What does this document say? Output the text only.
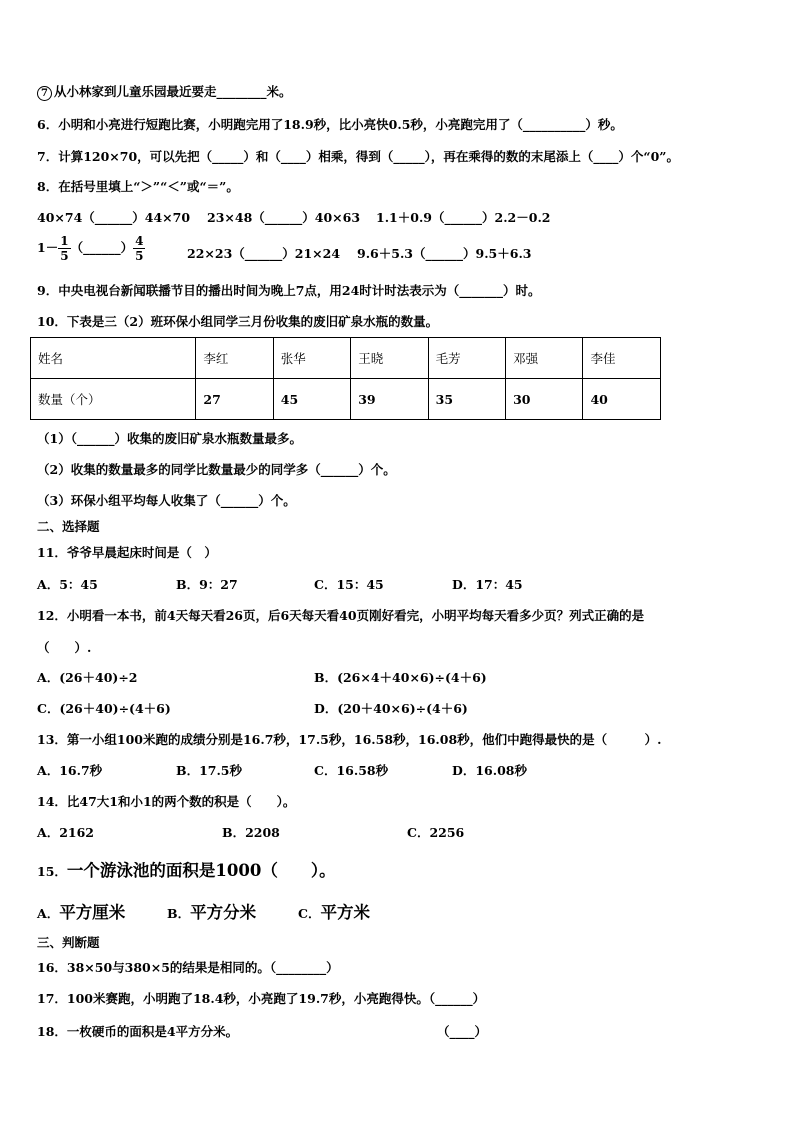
7 从小林家到儿童乐园最近要走________米。
6．小明和小亮进行短跑比赛，小明跑完用了18.9秒，比小亮快0.5秒，小亮跑完用了（__________）秒。
7．计算120×70，可以先把（_____）和（____）相乘，得到（_____），再在乘得的数的末尾添上（____）个“0”。
8．在括号里填上“＞”“＜”或“＝”。
40×74（______）44×70 23×48（______）40×63 1.1＋0.9（______）2.2－0.2
$1- \frac{1}{5}$ （______） $\frac{4}{5}$	22×23（______）21×24 9.6＋5.3（______）9.5＋6.3
9．中央电视台新闻联播节目的播出时间为晚上7点，用24时计时法表示为（_______）时。
10．下表是三（2）班环保小组同学三月份收集的废旧矿泉水瓶的数量。
姓名	李红	张华	王晓	毛芳	邓强	李佳
数量（个）	27	45	39	35	30	40
（1）（______）收集的废旧矿泉水瓶数量最多。
（2）收集的数量最多的同学比数量最少的同学多（______）个。
（3）环保小组平均每人收集了（______）个。
二、选择题
11．爷爷早晨起床时间是（　）
A．5：45	B．9：27	C．15：45	D．17：45
12．小明看一本书，前4天每天看26页，后6天每天看40页刚好看完，小明平均每天看多少页？列式正确的是
（　　）.
A．(26＋40)÷2	B．(26×4＋40×6)÷(4＋6)
C．(26＋40)÷(4＋6)	D．(20＋40×6)÷(4＋6)
13．第一小组100米跑的成绩分别是16.7秒，17.5秒，16.58秒，16.08秒，他们中跑得最快的是（　　　）.
A．16.7秒	B．17.5秒	C．16.58秒	D．16.08秒
14．比47大1和小1的两个数的积是（　　）。
A．2162	B．2208	C．2256
15．一个游泳池的面积是1000（　　）。
A．平方厘米	B．平方分米	C．平方米
三、判断题
16．38×50与380×5的结果是相同的。（________）
17．100米赛跑，小明跑了18.4秒，小亮跑了19.7秒，小亮跑得快。（______）
18．一枚硬币的面积是4平方分米。	（____）
